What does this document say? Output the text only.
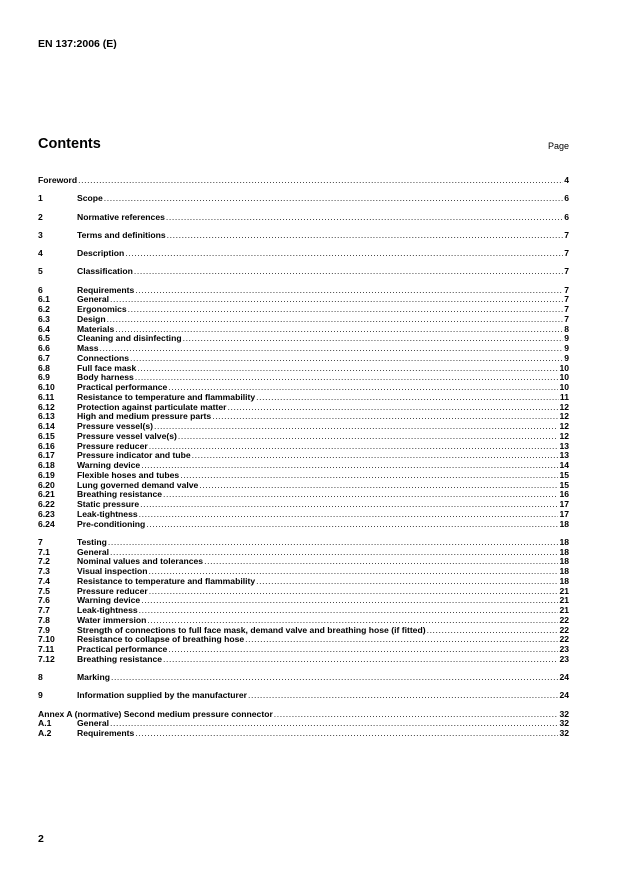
EN 137:2006 (E)
Contents	Page
Foreword .....	4
1	Scope .....	6
2	Normative references .....	6
3	Terms and definitions .....	7
4	Description .....	7
5	Classification .....	7
6	Requirements .....	7
6.1	General .....	7
6.2	Ergonomics .....	7
6.3	Design .....	7
6.4	Materials .....	8
6.5	Cleaning and disinfecting .....	9
6.6	Mass .....	9
6.7	Connections .....	9
6.8	Full face mask .....	10
6.9	Body harness .....	10
6.10	Practical performance .....	10
6.11	Resistance to temperature and flammability .....	11
6.12	Protection against particulate matter .....	12
6.13	High and medium pressure parts .....	12
6.14	Pressure vessel(s) .....	12
6.15	Pressure vessel valve(s) .....	12
6.16	Pressure reducer .....	13
6.17	Pressure indicator and tube .....	13
6.18	Warning device .....	14
6.19	Flexible hoses and tubes .....	15
6.20	Lung governed demand valve .....	15
6.21	Breathing resistance .....	16
6.22	Static pressure .....	17
6.23	Leak-tightness .....	17
6.24	Pre-conditioning .....	18
7	Testing .....	18
7.1	General .....	18
7.2	Nominal values and tolerances .....	18
7.3	Visual inspection .....	18
7.4	Resistance to temperature and flammability .....	18
7.5	Pressure reducer .....	21
7.6	Warning device .....	21
7.7	Leak-tightness .....	21
7.8	Water immersion .....	22
7.9	Strength of connections to full face mask, demand valve and breathing hose (if fitted) .....	22
7.10	Resistance to collapse of breathing hose .....	22
7.11	Practical performance .....	23
7.12	Breathing resistance .....	23
8	Marking .....	24
9	Information supplied by the manufacturer .....	24
Annex A (normative) Second medium pressure connector .....	32
A.1	General .....	32
A.2	Requirements .....	32
2
